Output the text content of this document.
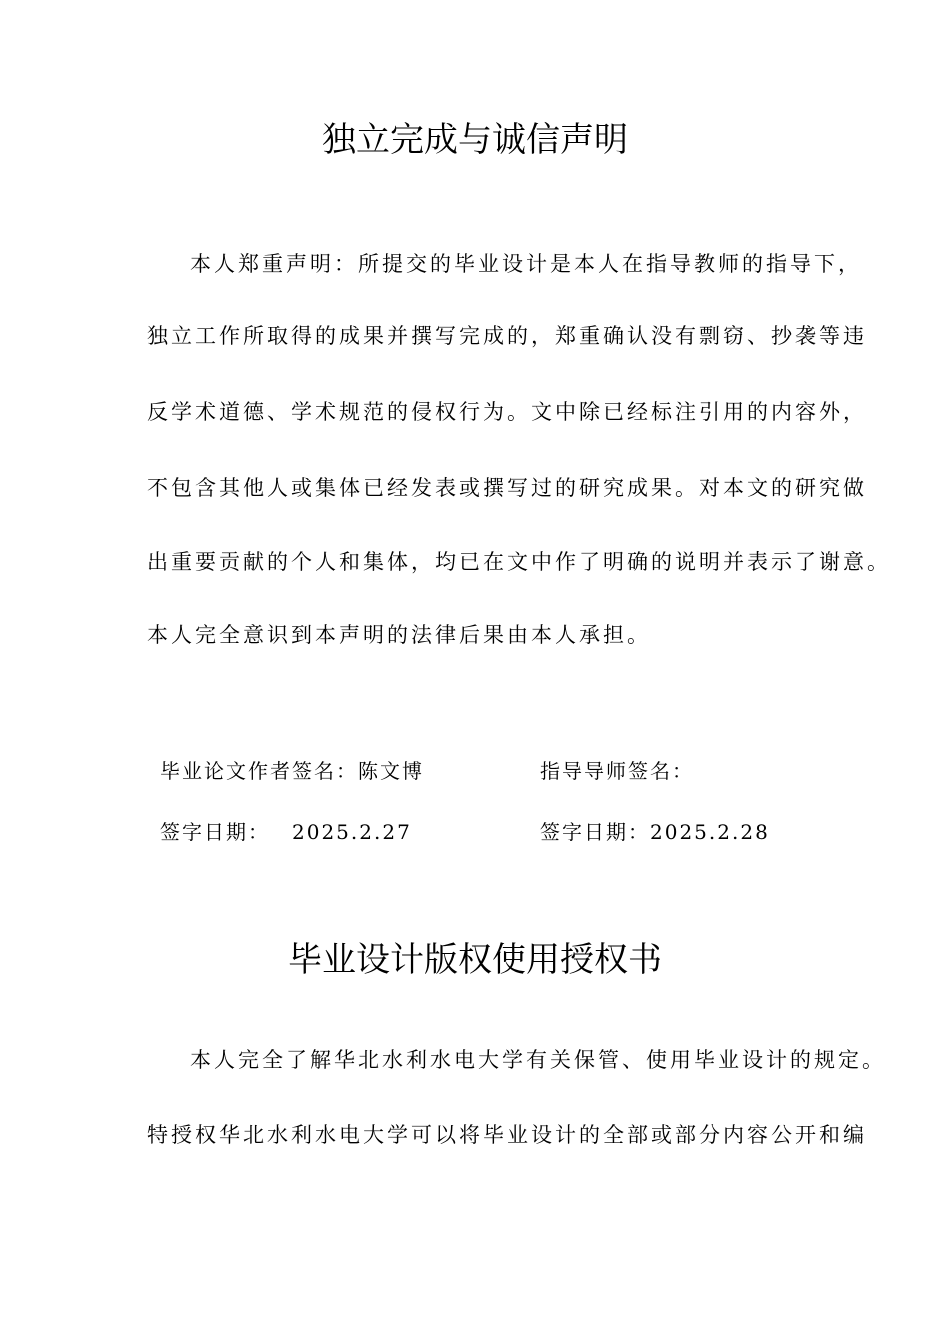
独立完成与诚信声明
本人郑重声明：所提交的毕业设计是本人在指导教师的指导下，
独立工作所取得的成果并撰写完成的，郑重确认没有剽窃、抄袭等违
反学术道德、学术规范的侵权行为。文中除已经标注引用的内容外，
不包含其他人或集体已经发表或撰写过的研究成果。对本文的研究做
出重要贡献的个人和集体，均已在文中作了明确的说明并表示了谢意。
本人完全意识到本声明的法律后果由本人承担。
毕业论文作者签名：陈文博	指导导师签名：
签字日期： 2025.2.27	签字日期：2025.2.28
毕业设计版权使用授权书
本人完全了解华北水利水电大学有关保管、使用毕业设计的规定。
特授权华北水利水电大学可以将毕业设计的全部或部分内容公开和编
